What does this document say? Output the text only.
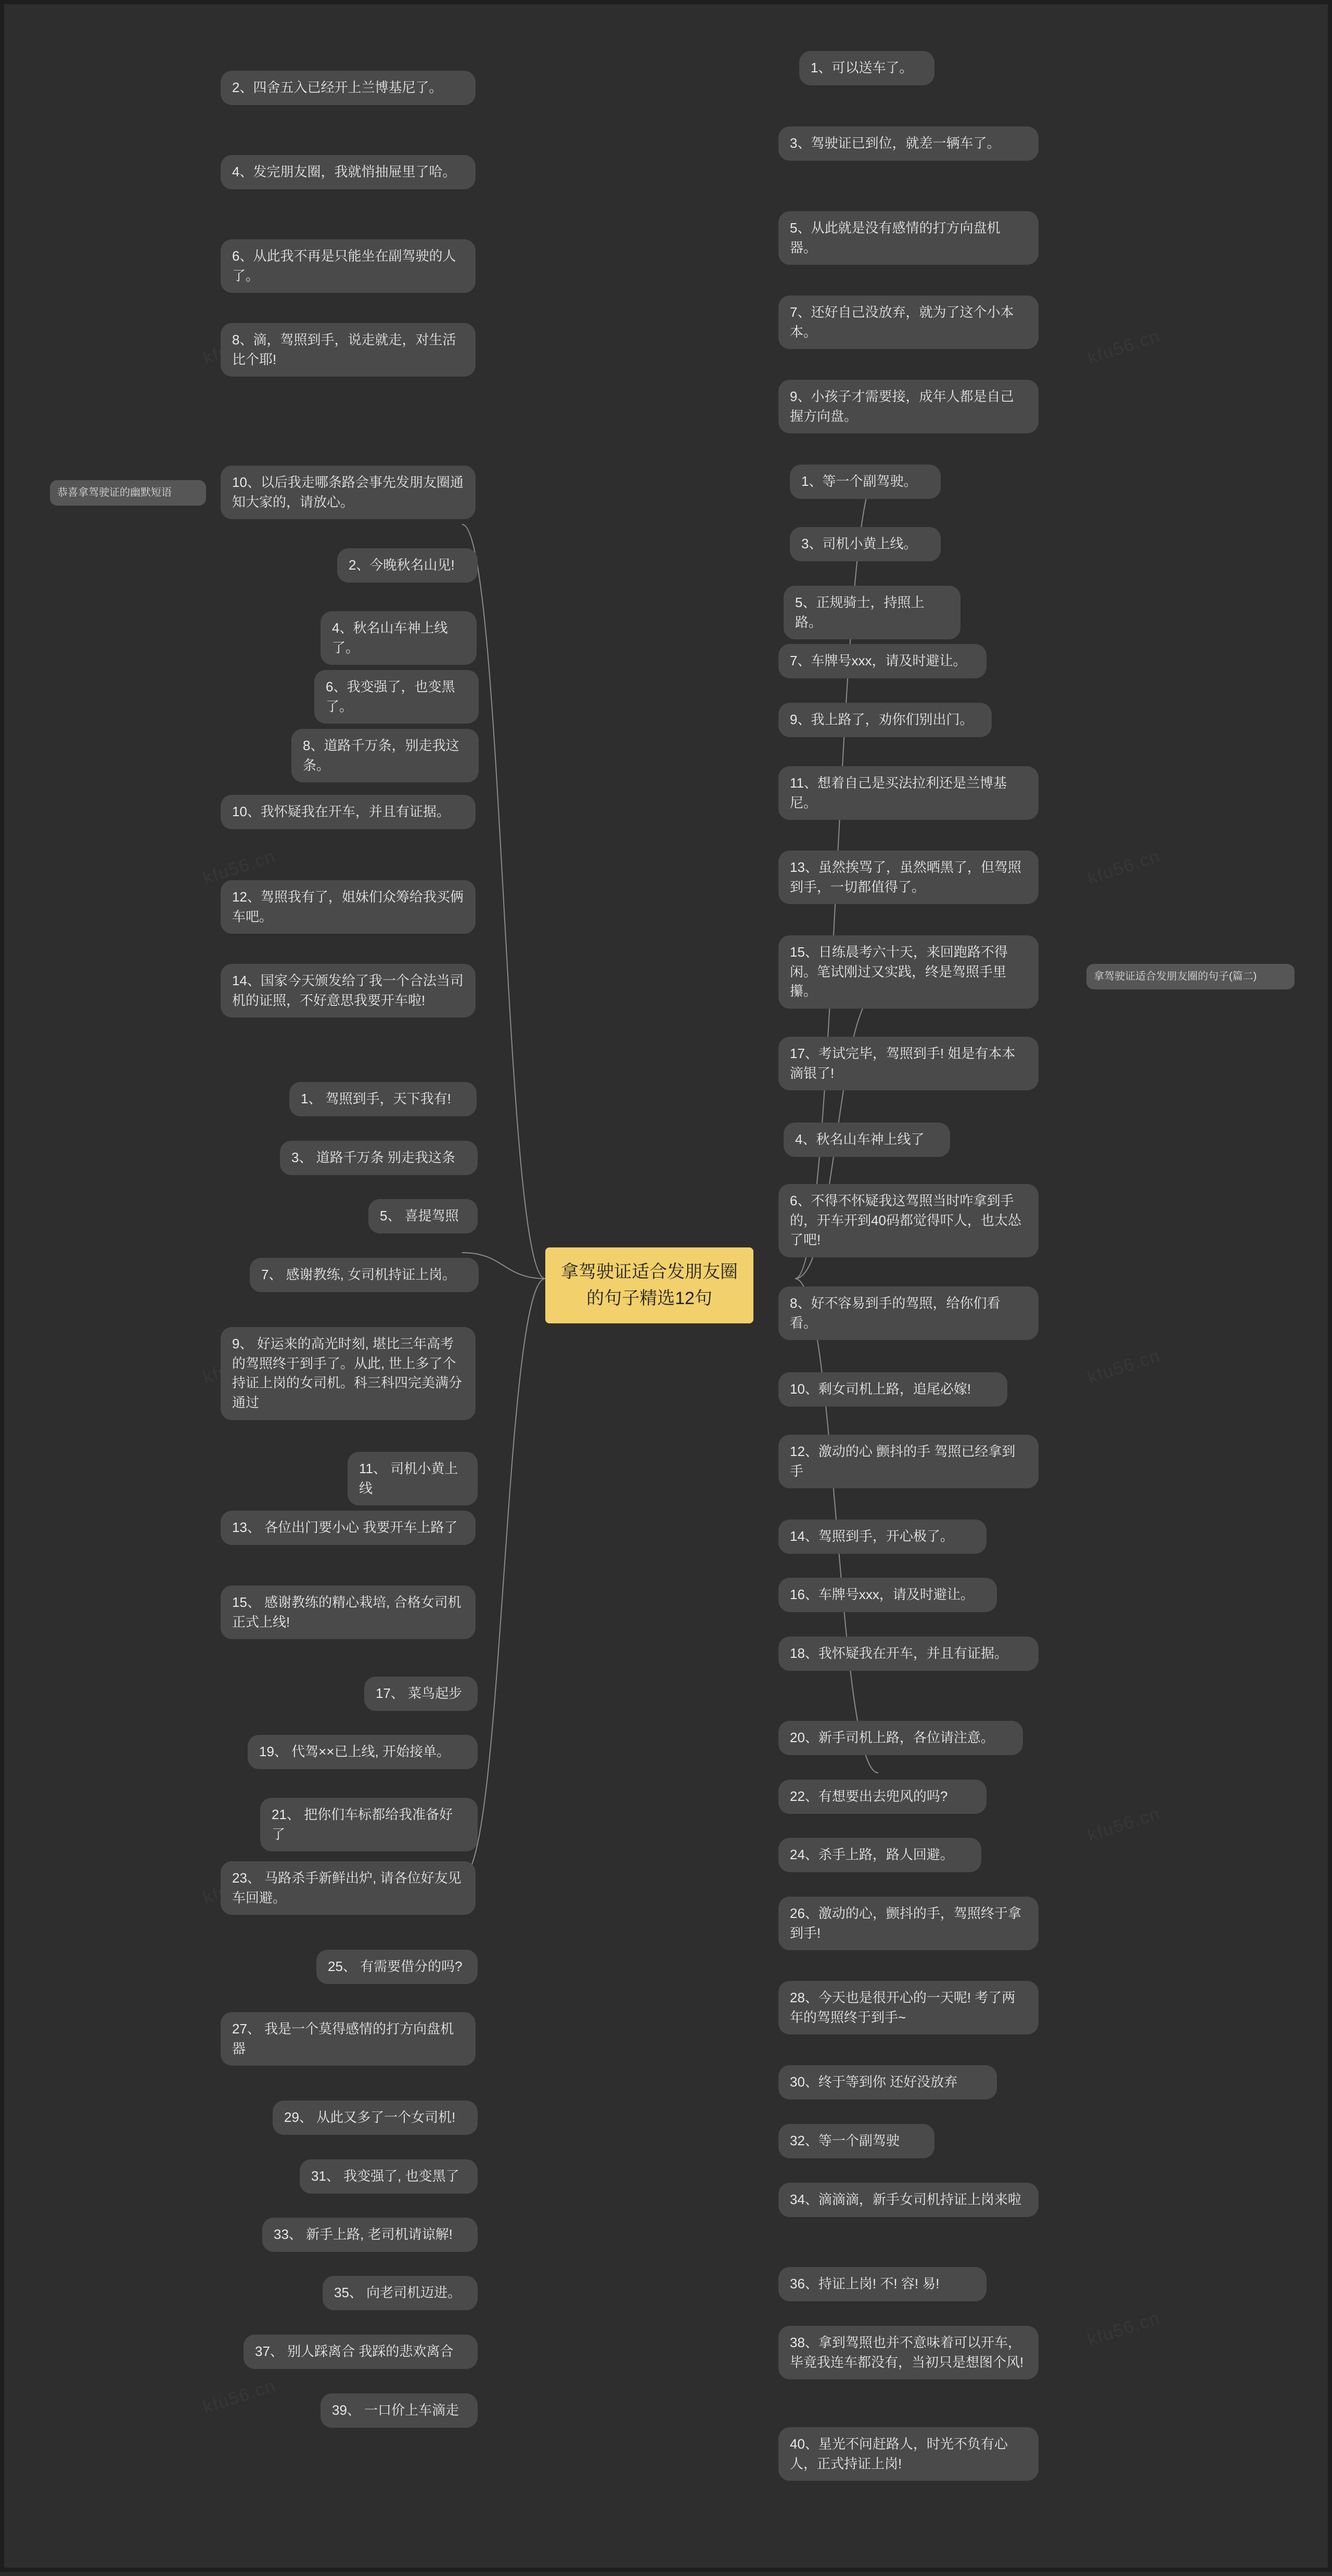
恭喜拿驾驶证的幽默短语
拿驾驶证适合发朋友圈的句子(篇二)
拿驾驶证适合发朋友圈的句子精选12句
2、四舍五入已经开上兰博基尼了。
4、发完朋友圈，我就悄抽屉里了哈。
6、从此我不再是只能坐在副驾驶的人了。
8、滴，驾照到手，说走就走，对生活比个耶!
10、以后我走哪条路会事先发朋友圈通知大家的，请放心。
2、今晚秋名山见!
4、秋名山车神上线了。
6、我变强了，也变黑了。
8、道路千万条，别走我这条。
10、我怀疑我在开车，并且有证据。
12、驾照我有了，姐妹们众筹给我买俩车吧。
14、国家今天颁发给了我一个合法当司机的证照，不好意思我要开车啦!
1、 驾照到手，天下我有!
3、 道路千万条 别走我这条
5、 喜提驾照
7、 感谢教练, 女司机持证上岗。
9、 好运来的高光时刻, 堪比三年高考的驾照终于到手了。从此, 世上多了个持证上岗的女司机。科三科四完美满分通过
11、 司机小黄上线
13、 各位出门要小心 我要开车上路了
15、 感谢教练的精心栽培, 合格女司机正式上线!
17、 菜鸟起步
19、 代驾××已上线, 开始接单。
21、 把你们车标都给我准备好了
23、 马路杀手新鲜出炉, 请各位好友见车回避。
25、 有需要借分的吗?
27、 我是一个莫得感情的打方向盘机器
29、 从此又多了一个女司机!
31、 我变强了, 也变黑了
33、 新手上路, 老司机请谅解!
35、 向老司机迈进。
37、 别人踩离合 我踩的悲欢离合
39、 一口价上车滴走
1、可以送车了。
3、驾驶证已到位，就差一辆车了。
5、从此就是没有感情的打方向盘机器。
7、还好自己没放弃，就为了这个小本本。
9、小孩子才需要接，成年人都是自己握方向盘。
1、等一个副驾驶。
3、司机小黄上线。
5、正规骑士，持照上路。
7、车牌号xxx，请及时避让。
9、我上路了，劝你们别出门。
11、想着自己是买法拉利还是兰博基尼。
13、虽然挨骂了，虽然晒黑了，但驾照到手，一切都值得了。
15、日练晨考六十天，来回跑路不得闲。笔试刚过又实践，终是驾照手里攥。
17、考试完毕，驾照到手! 姐是有本本滴银了!
4、秋名山车神上线了
6、不得不怀疑我这驾照当时咋拿到手的，开车开到40码都觉得吓人，也太怂了吧!
8、好不容易到手的驾照，给你们看看。
10、剩女司机上路，追尾必嫁!
12、激动的心 颤抖的手 驾照已经拿到手
14、驾照到手，开心极了。
16、车牌号xxx，请及时避让。
18、我怀疑我在开车，并且有证据。
20、新手司机上路，各位请注意。
22、有想要出去兜风的吗?
24、杀手上路，路人回避。
26、激动的心，颤抖的手，驾照终于拿到手!
28、今天也是很开心的一天呢! 考了两年的驾照终于到手~
30、终于等到你 还好没放弃
32、等一个副驾驶
34、滴滴滴，新手女司机持证上岗来啦
36、持证上岗! 不! 容! 易!
38、拿到驾照也并不意味着可以开车，毕竟我连车都没有，当初只是想图个风!
40、星光不问赶路人，时光不负有心人，正式持证上岗!
